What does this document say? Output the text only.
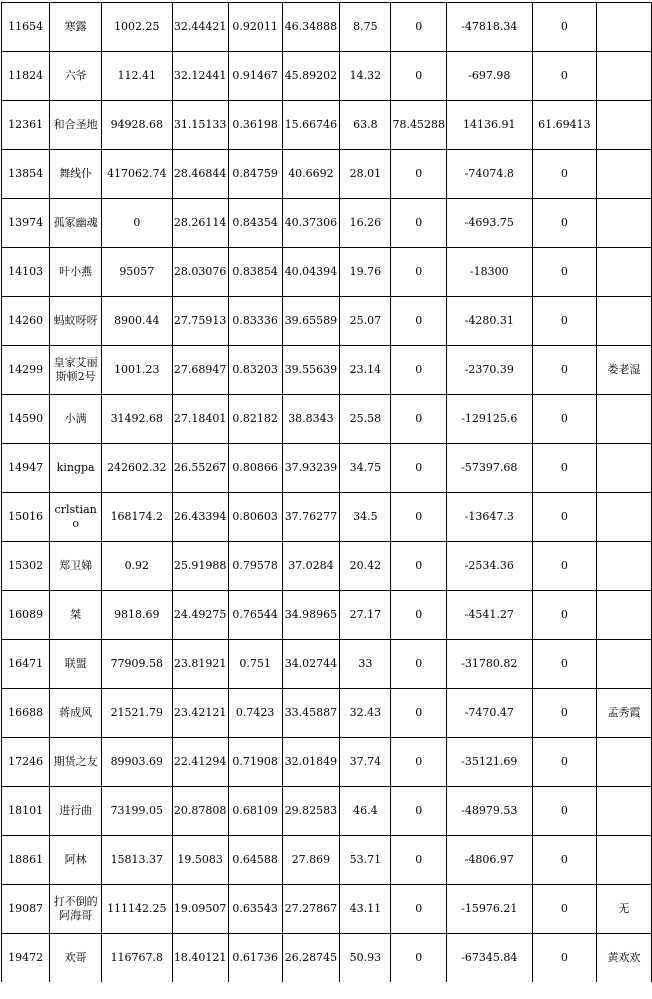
11654	寒露	1002.25	32.44421	0.92011	46.34888	8.75	0	-47818.34	0	
11824	六爷	112.41	32.12441	0.91467	45.89202	14.32	0	-697.98	0	
12361	和合圣地	94928.68	31.15133	0.36198	15.66746	63.8	78.45288	14136.91	61.69413	
13854	舞线仆	417062.74	28.46844	0.84759	40.6692	28.01	0	-74074.8	0	
13974	孤冢幽魂	0	28.26114	0.84354	40.37306	16.26	0	-4693.75	0	
14103	叶小燕	95057	28.03076	0.83854	40.04394	19.76	0	-18300	0	
14260	蚂蚁呀呀	8900.44	27.75913	0.83336	39.65589	25.07	0	-4280.31	0	
14299	皇家艾丽斯顿2号	1001.23	27.68947	0.83203	39.55639	23.14	0	-2370.39	0	娄老湿
14590	小满	31492.68	27.18401	0.82182	38.8343	25.58	0	-129125.6	0	
14947	kingpa	242602.32	26.55267	0.80866	37.93239	34.75	0	-57397.68	0	
15016	crlstiano	168174.2	26.43394	0.80603	37.76277	34.5	0	-13647.3	0	
15302	郑卫娣	0.92	25.91988	0.79578	37.0284	20.42	0	-2534.36	0	
16089	桀	9818.69	24.49275	0.76544	34.98965	27.17	0	-4541.27	0	
16471	联盟	77909.58	23.81921	0.751	34.02744	33	0	-31780.82	0	
16688	蒋成风	21521.79	23.42121	0.7423	33.45887	32.43	0	-7470.47	0	孟秀霞
17246	期货之友	89903.69	22.41294	0.71908	32.01849	37.74	0	-35121.69	0	
18101	进行曲	73199.05	20.87808	0.68109	29.82583	46.4	0	-48979.53	0	
18861	阿林	15813.37	19.5083	0.64588	27.869	53.71	0	-4806.97	0	
19087	打不倒的阿海哥	111142.25	19.09507	0.63543	27.27867	43.11	0	-15976.21	0	无
19472	欢哥	116767.8	18.40121	0.61736	26.28745	50.93	0	-67345.84	0	黄欢欢
